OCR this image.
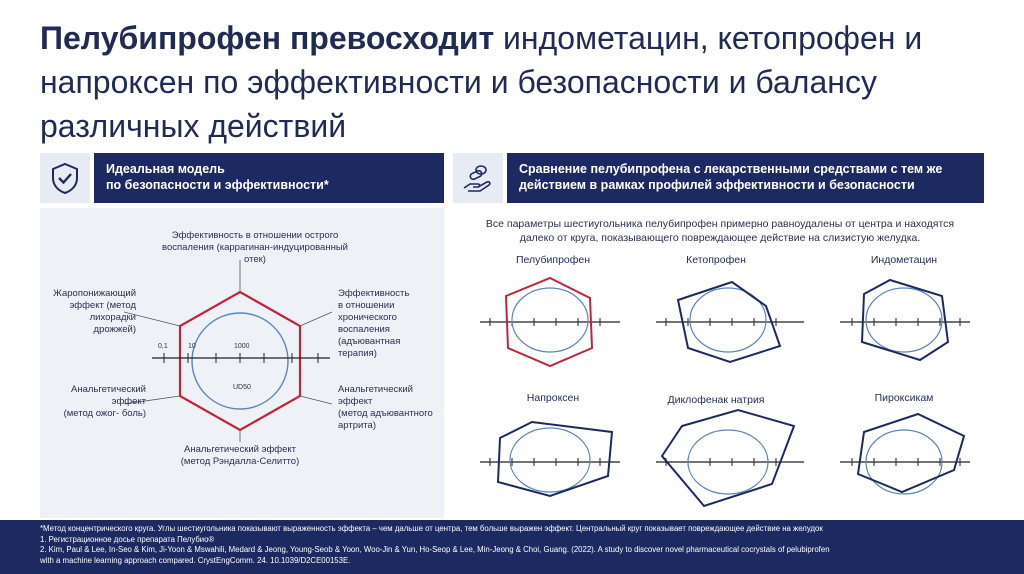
Пелубипрофен превосходит индометацин, кетопрофен и напроксен по эффективности и безопасности и балансу различных действий
Идеальная модель
по безопасности и эффективности*
Сравнение пелубипрофена с лекарственными средствами с тем же
действием в рамках профилей эффективности и безопасности
0,1	10	1000
UD50
Эффективность в отношении острого
воспаления (каррагинан-индуцированный отек)
Жаропонижающий
эффект (метод
лихорадки
дрожжей)
Эффективность
в отношении
хронического
воспаления
(адъювантная
терапия)
Анальгетический
эффект
(метод ожог- боль)
Анальгетический
эффект
(метод адъювантного
артрита)
Анальгетический эффект
(метод Рэндалла-Селитто)
Все параметры шестиугольника пелубипрофен примерно равноудалены от центра и находятся
далеко от круга, показывающего повреждающее действие на слизистую желудка.
Пелубипрофен	Кетопрофен	Индометацин
Напроксен	Диклофенак натрия	Пироксикам
*Метод концентрического круга. Углы шестиугольника показывают выраженность эффекта – чем дальше от центра, тем больше выражен эффект. Центральный круг показывает повреждающее действие на желудок
1. Регистрационное досье препарата Пелубио®
2. Kim, Paul & Lee, In-Seo & Kim, Ji-Yoon & Mswahili, Medard & Jeong, Young-Seob & Yoon, Woo-Jin & Yun, Ho-Seop & Lee, Min-Jeong & Choi, Guang. (2022). A study to discover novel pharmaceutical cocrystals of pelubiprofen
with a machine learning approach compared. CrystEngComm. 24. 10.1039/D2CE00153E.
